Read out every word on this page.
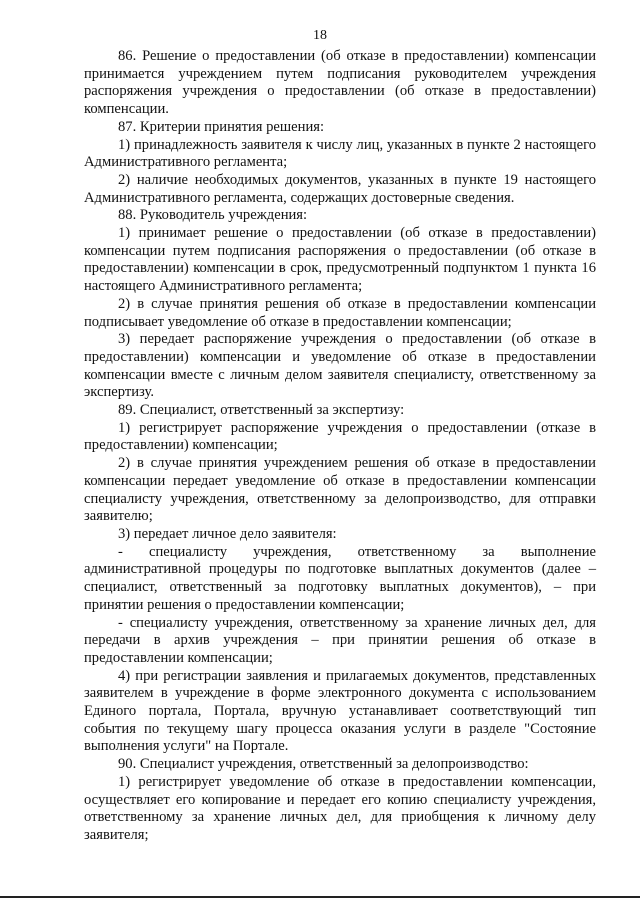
18

86. Решение о предоставлении (об отказе в предоставлении) компенсации принимается учреждением путем подписания руководителем учреждения распоряжения учреждения о предоставлении (об отказе в предоставлении) компенсации.

87. Критерии принятия решения:

1) принадлежность заявителя к числу лиц, указанных в пункте 2 настоящего Административного регламента;

2) наличие необходимых документов, указанных в пункте 19 настоящего Административного регламента, содержащих достоверные сведения.

88. Руководитель учреждения:

1) принимает решение о предоставлении (об отказе в предоставлении) компенсации путем подписания распоряжения о предоставлении (об отказе в предоставлении) компенсации в срок, предусмотренный подпунктом 1 пункта 16 настоящего Административного регламента;

2) в случае принятия решения об отказе в предоставлении компенсации подписывает уведомление об отказе в предоставлении компенсации;

3) передает распоряжение учреждения о предоставлении (об отказе в предоставлении) компенсации и уведомление об отказе в предоставлении компенсации вместе с личным делом заявителя специалисту, ответственному за экспертизу.

89. Специалист, ответственный за экспертизу:

1) регистрирует распоряжение учреждения о предоставлении (отказе в предоставлении) компенсации;

2) в случае принятия учреждением решения об отказе в предоставлении компенсации передает уведомление об отказе в предоставлении компенсации специалисту учреждения, ответственному за делопроизводство, для отправки заявителю;

3) передает личное дело заявителя:

- специалисту учреждения, ответственному за выполнение административной процедуры по подготовке выплатных документов (далее – специалист, ответственный за подготовку выплатных документов), – при принятии решения о предоставлении компенсации;

- специалисту учреждения, ответственному за хранение личных дел, для передачи в архив учреждения – при принятии решения об отказе в предоставлении компенсации;

4) при регистрации заявления и прилагаемых документов, представленных заявителем в учреждение в форме электронного документа с использованием Единого портала, Портала, вручную устанавливает соответствующий тип события по текущему шагу процесса оказания услуги в разделе "Состояние выполнения услуги" на Портале.

90. Специалист учреждения, ответственный за делопроизводство:

1) регистрирует уведомление об отказе в предоставлении компенсации, осуществляет его копирование и передает его копию специалисту учреждения, ответственному за хранение личных дел, для приобщения к личному делу заявителя;
